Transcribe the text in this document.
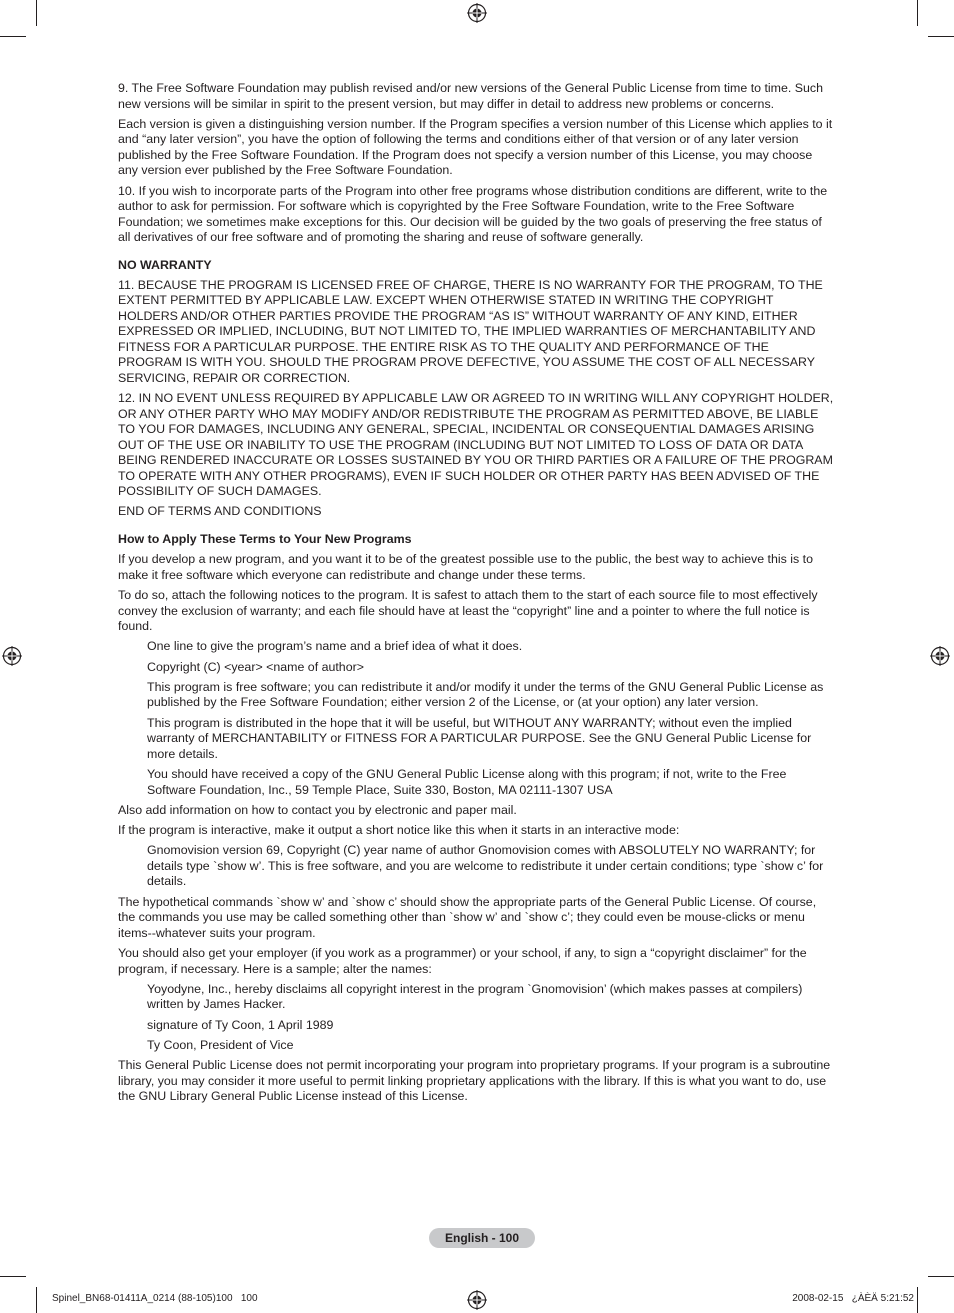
9. The Free Software Foundation may publish revised and/or new versions of the General Public License from time to time. Such new versions will be similar in spirit to the present version, but may differ in detail to address new problems or concerns.

Each version is given a distinguishing version number. If the Program specifies a version number of this License which applies to it and “any later version”, you have the option of following the terms and conditions either of that version or of any later version published by the Free Software Foundation. If the Program does not specify a version number of this License, you may choose any version ever published by the Free Software Foundation.

10. If you wish to incorporate parts of the Program into other free programs whose distribution conditions are different, write to the author to ask for permission. For software which is copyrighted by the Free Software Foundation, write to the Free Software Foundation; we sometimes make exceptions for this. Our decision will be guided by the two goals of preserving the free status of all derivatives of our free software and of promoting the sharing and reuse of software generally.

NO WARRANTY

11. BECAUSE THE PROGRAM IS LICENSED FREE OF CHARGE, THERE IS NO WARRANTY FOR THE PROGRAM, TO THE EXTENT PERMITTED BY APPLICABLE LAW. EXCEPT WHEN OTHERWISE STATED IN WRITING THE COPYRIGHT HOLDERS AND/OR OTHER PARTIES PROVIDE THE PROGRAM “AS IS” WITHOUT WARRANTY OF ANY KIND, EITHER EXPRESSED OR IMPLIED, INCLUDING, BUT NOT LIMITED TO, THE IMPLIED WARRANTIES OF MERCHANTABILITY AND FITNESS FOR A PARTICULAR PURPOSE. THE ENTIRE RISK AS TO THE QUALITY AND PERFORMANCE OF THE PROGRAM IS WITH YOU. SHOULD THE PROGRAM PROVE DEFECTIVE, YOU ASSUME THE COST OF ALL NECESSARY SERVICING, REPAIR OR CORRECTION.

12. IN NO EVENT UNLESS REQUIRED BY APPLICABLE LAW OR AGREED TO IN WRITING WILL ANY COPYRIGHT HOLDER, OR ANY OTHER PARTY WHO MAY MODIFY AND/OR REDISTRIBUTE THE PROGRAM AS PERMITTED ABOVE, BE LIABLE TO YOU FOR DAMAGES, INCLUDING ANY GENERAL, SPECIAL, INCIDENTAL OR CONSEQUENTIAL DAMAGES ARISING OUT OF THE USE OR INABILITY TO USE THE PROGRAM (INCLUDING BUT NOT LIMITED TO LOSS OF DATA OR DATA BEING RENDERED INACCURATE OR LOSSES SUSTAINED BY YOU OR THIRD PARTIES OR A FAILURE OF THE PROGRAM TO OPERATE WITH ANY OTHER PROGRAMS), EVEN IF SUCH HOLDER OR OTHER PARTY HAS BEEN ADVISED OF THE POSSIBILITY OF SUCH DAMAGES.

END OF TERMS AND CONDITIONS

How to Apply These Terms to Your New Programs

If you develop a new program, and you want it to be of the greatest possible use to the public, the best way to achieve this is to make it free software which everyone can redistribute and change under these terms.

To do so, attach the following notices to the program. It is safest to attach them to the start of each source file to most effectively convey the exclusion of warranty; and each file should have at least the “copyright” line and a pointer to where the full notice is found.

One line to give the program’s name and a brief idea of what it does.

Copyright (C) <year> <name of author>

This program is free software; you can redistribute it and/or modify it under the terms of the GNU General Public License as published by the Free Software Foundation; either version 2 of the License, or (at your option) any later version.

This program is distributed in the hope that it will be useful, but WITHOUT ANY WARRANTY; without even the implied warranty of MERCHANTABILITY or FITNESS FOR A PARTICULAR PURPOSE. See the GNU General Public License for more details.

You should have received a copy of the GNU General Public License along with this program; if not, write to the Free Software Foundation, Inc., 59 Temple Place, Suite 330, Boston, MA 02111-1307 USA

Also add information on how to contact you by electronic and paper mail.

If the program is interactive, make it output a short notice like this when it starts in an interactive mode:

Gnomovision version 69, Copyright (C) year name of author Gnomovision comes with ABSOLUTELY NO WARRANTY; for details type `show w’. This is free software, and you are welcome to redistribute it under certain conditions; type `show c’ for details.

The hypothetical commands `show w’ and `show c’ should show the appropriate parts of the General Public License. Of course, the commands you use may be called something other than `show w’ and `show c’; they could even be mouse-clicks or menu items--whatever suits your program.

You should also get your employer (if you work as a programmer) or your school, if any, to sign a “copyright disclaimer” for the program, if necessary. Here is a sample; alter the names:

Yoyodyne, Inc., hereby disclaims all copyright interest in the program `Gnomovision’ (which makes passes at compilers) written by James Hacker.

signature of Ty Coon, 1 April 1989

Ty Coon, President of Vice

This General Public License does not permit incorporating your program into proprietary programs. If your program is a subroutine library, you may consider it more useful to permit linking proprietary applications with the library. If this is what you want to do, use the GNU Library General Public License instead of this License.

English - 100
Spinel_BN68-01411A_0214 (88-105)100   100	2008-02-15   ¿ÀÈÄ 5:21:52
